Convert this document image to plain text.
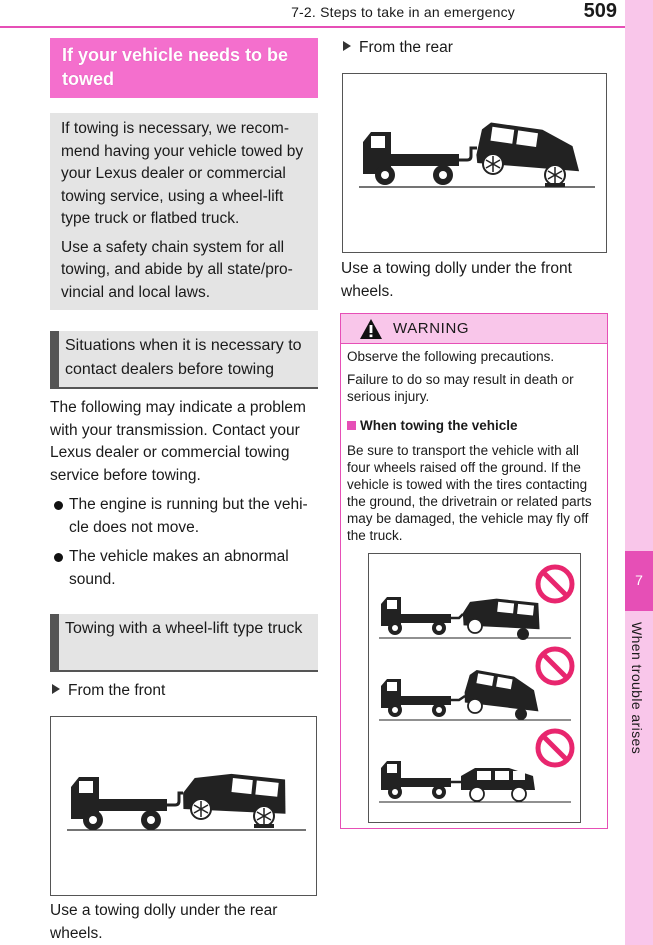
7-2. Steps to take in an emergency	509
7
When trouble arises
If your vehicle needs to be towed

If towing is necessary, we recom-mend having your vehicle towed by your Lexus dealer or commercial towing service, using a wheel-lift type truck or flatbed truck.

Use a safety chain system for all towing, and abide by all state/pro-vincial and local laws.

Situations when it is necessary to contact dealers before towing

The following may indicate a problem with your transmission. Contact your Lexus dealer or commercial towing service before towing.

The engine is running but the vehi-cle does not move.
The vehicle makes an abnormal sound.
Towing with a wheel-lift type truck
From the front

Use a towing dolly under the rear wheels.

From the rear

Use a towing dolly under the front wheels.

WARNING

Observe the following precautions.

Failure to do so may result in death or serious injury.

When towing the vehicle

Be sure to transport the vehicle with all four wheels raised off the ground. If the vehicle is towed with the tires contacting the ground, the drivetrain or related parts may be damaged, the vehicle may fly off the truck.
